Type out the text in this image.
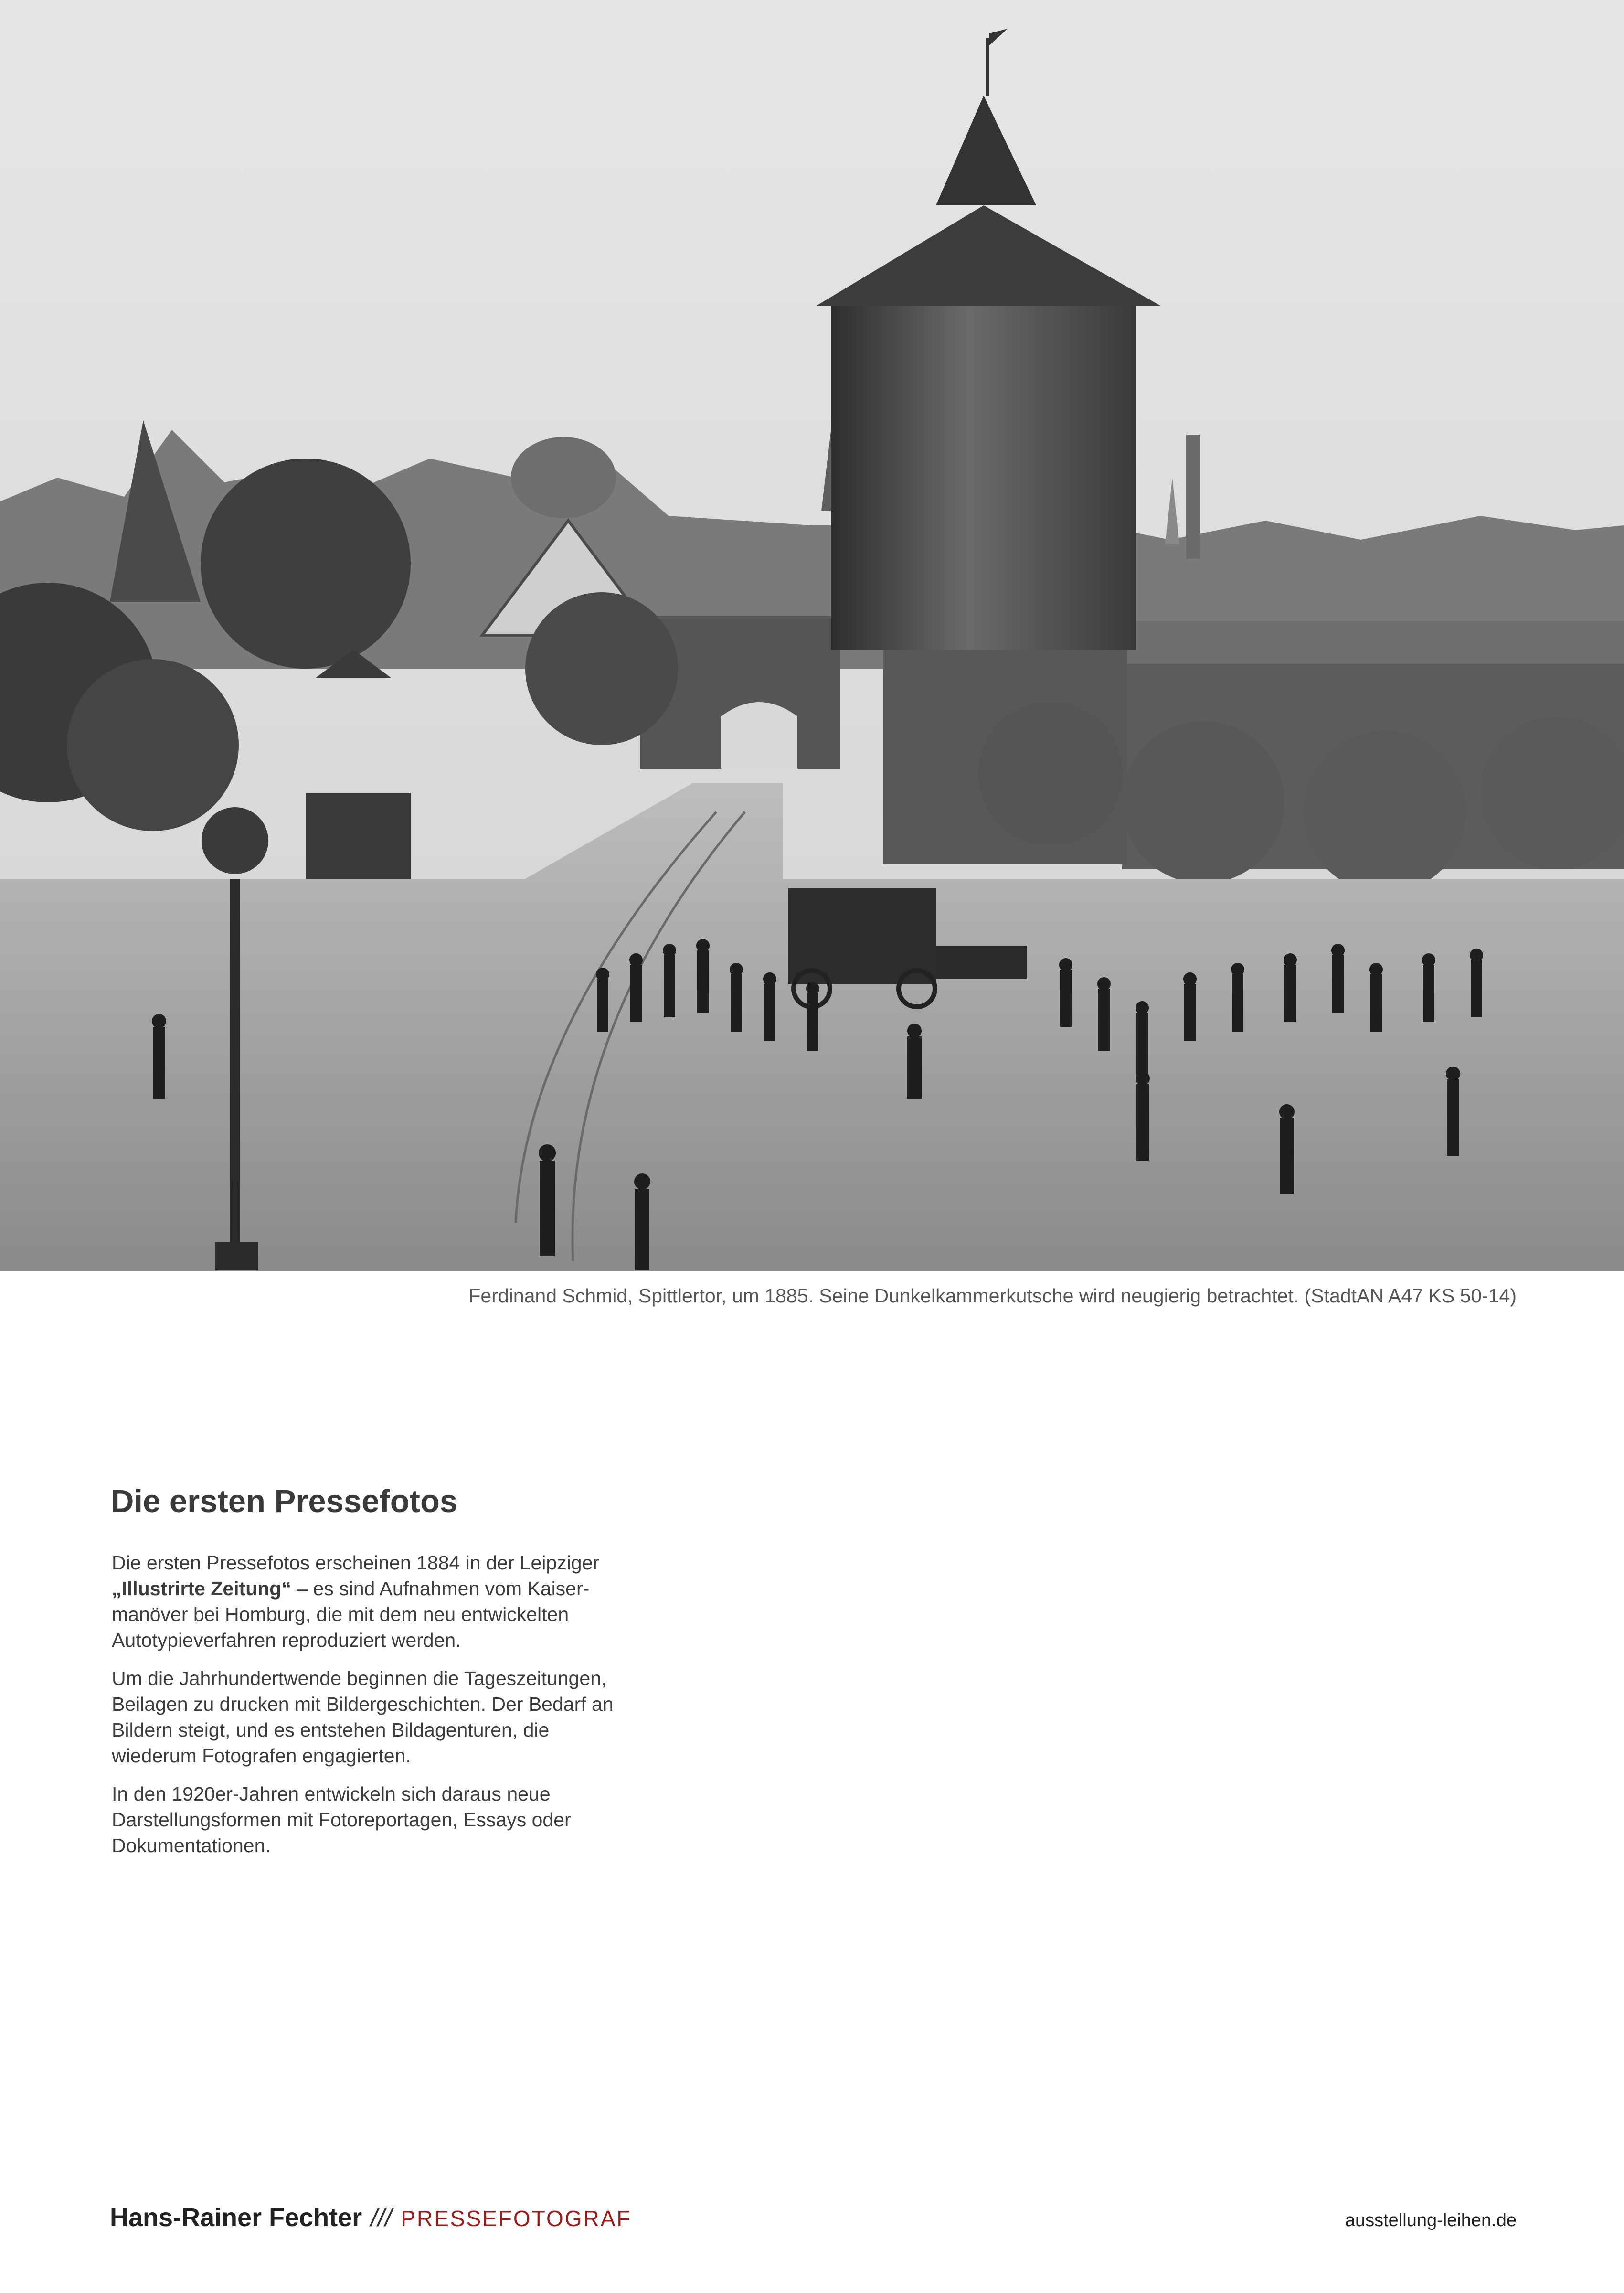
Ferdinand Schmid, Spittlertor, um 1885. Seine Dunkelkammerkutsche wird neugierig betrachtet. (StadtAN A47 KS 50-14)
Die ersten Pressefotos

Die ersten Pressefotos erscheinen 1884 in der Leipziger „Illustrirte Zeitung“ – es sind Aufnahmen vom Kaiser-manöver bei Homburg, die mit dem neu entwickelten Autotypieverfahren reproduziert werden.

Um die Jahrhundertwende beginnen die Tageszeitungen, Beilagen zu drucken mit Bildergeschichten. Der Bedarf an Bildern steigt, und es entstehen Bildagenturen, die wiederum Fotografen engagierten.

In den 1920er-Jahren entwickeln sich daraus neue Darstellungsformen mit Fotoreportagen, Essays oder Dokumentationen.

Hans-Rainer Fechter /// PRESSEFOTOGRAF	ausstellung-leihen.de
